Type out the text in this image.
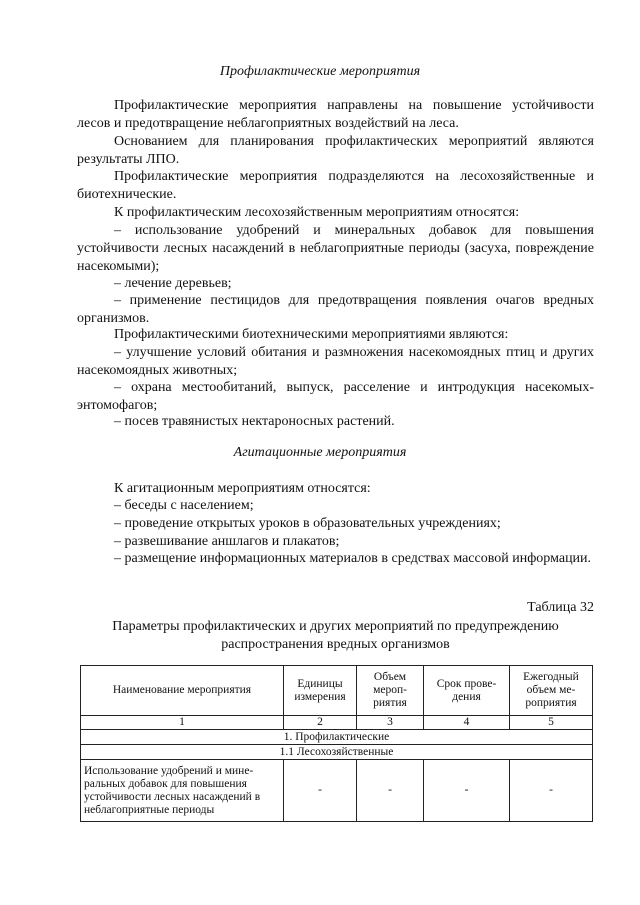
Профилактические мероприятия
Профилактические мероприятия направлены на повышение устойчивости лесов и предотвращение неблагоприятных воздействий на леса.
Основанием для планирования профилактических мероприятий являются результаты ЛПО.
Профилактические мероприятия подразделяются на лесохозяйственные и биотехнические.
К профилактическим лесохозяйственным мероприятиям относятся:
– использование удобрений и минеральных добавок для повышения устойчивости лесных насаждений в неблагоприятные периоды (засуха, повреждение насекомыми);
– лечение деревьев;
– применение пестицидов для предотвращения появления очагов вредных организмов.
Профилактическими биотехническими мероприятиями являются:
– улучшение условий обитания и размножения насекомоядных птиц и других насекомоядных животных;
– охрана местообитаний, выпуск, расселение и интродукция насекомых-энтомофагов;
– посев травянистых нектароносных растений.
Агитационные мероприятия
К агитационным мероприятиям относятся:
– беседы с населением;
– проведение открытых уроков в образовательных учреждениях;
– развешивание аншлагов и плакатов;
– размещение информационных материалов в средствах массовой информации.
Таблица 32
Параметры профилактических и других мероприятий по предупреждению распространения вредных организмов
Наименование мероприятия	Единицы измерения	Объем мероп-риятия	Срок прове-дения	Ежегодный объем ме-роприятия
1	2	3	4	5
1. Профилактические				
1.1 Лесохозяйственные				
Использование удобрений и мине-ральных добавок для повышения устойчивости лесных насаждений в неблагоприятные периоды	-	-	-	-
